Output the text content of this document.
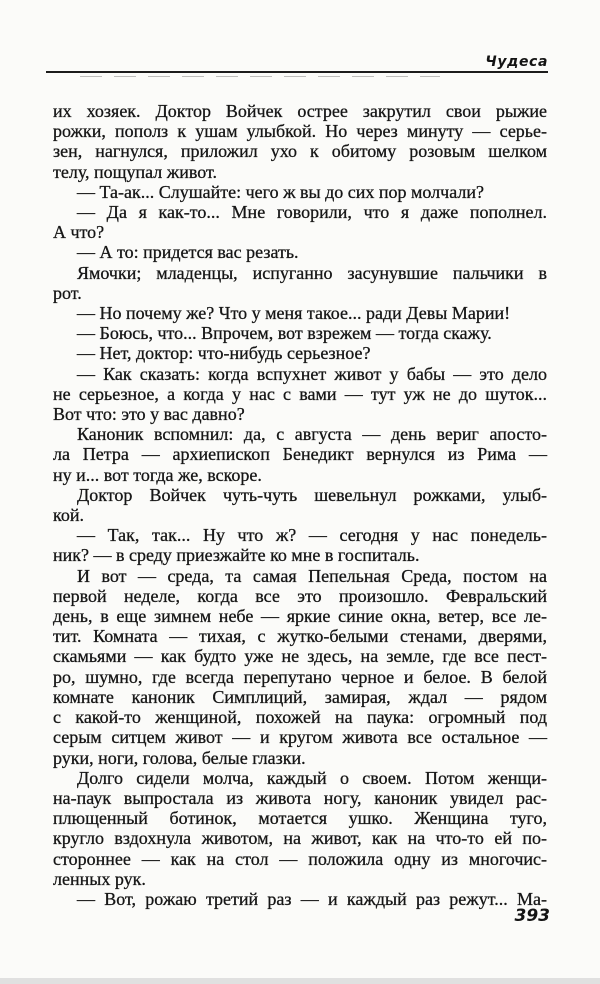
Чудеса
их хозяек. Доктор Войчек острее закрутил свои рыжие
рожки, пополз к ушам улыбкой. Но через минуту — серье-
зен, нагнулся, приложил ухо к обитому розовым шелком
телу, пощупал живот.
— Та-ак... Слушайте: чего ж вы до сих пор молчали?
— Да я как-то... Мне говорили, что я даже пополнел.
А что?
— А то: придется вас резать.
Ямочки; младенцы, испуганно засунувшие пальчики в
рот.
— Но почему же? Что у меня такое... ради Девы Марии!
— Боюсь, что... Впрочем, вот взрежем — тогда скажу.
— Нет, доктор: что-нибудь серьезное?
— Как сказать: когда вспухнет живот у бабы — это дело
не серьезное, а когда у нас с вами — тут уж не до шуток...
Вот что: это у вас давно?
Каноник вспомнил: да, с августа — день вериг апосто-
ла Петра — архиепископ Бенедикт вернулся из Рима —
ну и... вот тогда же, вскоре.
Доктор Войчек чуть-чуть шевельнул рожками, улыб-
кой.
— Так, так... Ну что ж? — сегодня у нас понедель-
ник? — в среду приезжайте ко мне в госпиталь.
И вот — среда, та самая Пепельная Среда, постом на
первой неделе, когда все это произошло. Февральский
день, в еще зимнем небе — яркие синие окна, ветер, все ле-
тит. Комната — тихая, с жутко-белыми стенами, дверями,
скамьями — как будто уже не здесь, на земле, где все пест-
ро, шумно, где всегда перепутано черное и белое. В белой
комнате каноник Симплиций, замирая, ждал — рядом
с какой-то женщиной, похожей на паука: огромный под
серым ситцем живот — и кругом живота все остальное —
руки, ноги, голова, белые глазки.
Долго сидели молча, каждый о своем. Потом женщи-
на-паук выпростала из живота ногу, каноник увидел рас-
плющенный ботинок, мотается ушко. Женщина туго,
кругло вздохнула животом, на живот, как на что-то ей по-
стороннее — как на стол — положила одну из многочис-
ленных рук.
— Вот, рожаю третий раз — и каждый раз режут... Ма-
393
